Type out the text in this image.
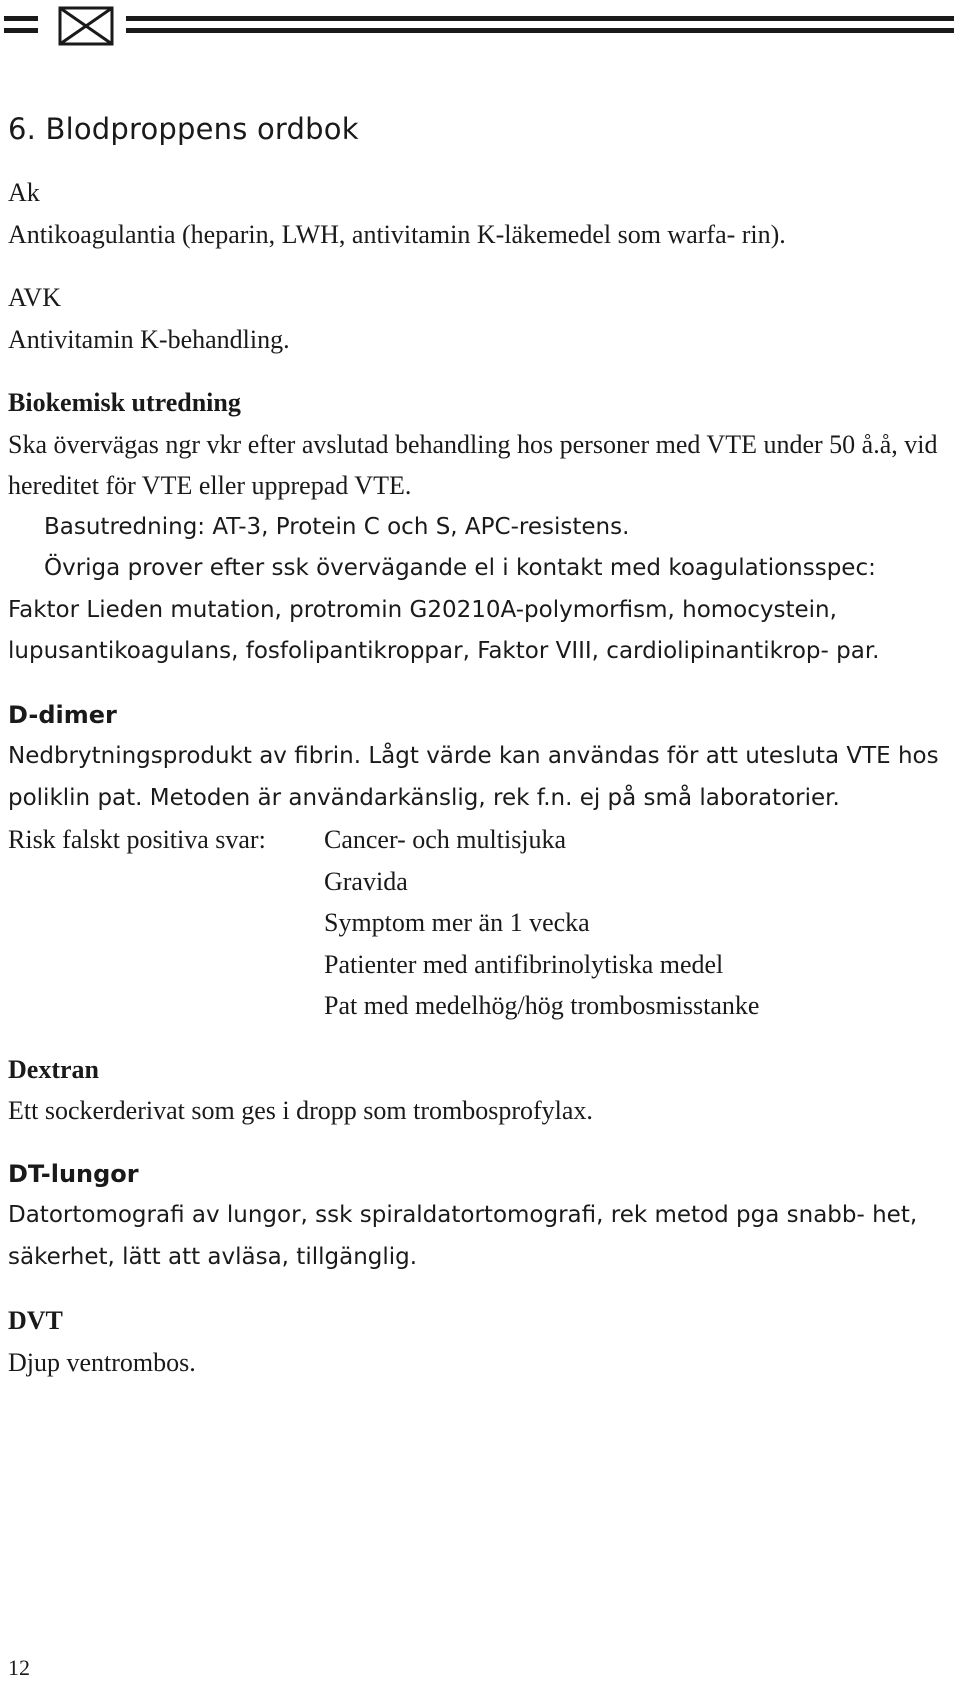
6. Blodproppens ordbok

Ak

Antikoagulantia (heparin, LWH, antivitamin K-läkemedel som warfa- rin).

AVK

Antivitamin K-behandling.

Biokemisk utredning

Ska övervägas ngr vkr efter avslutad behandling hos personer med VTE under 50 å.å, vid hereditet för VTE eller upprepad VTE.

Basutredning: AT-3, Protein C och S, APC-resistens.

Övriga prover efter ssk övervägande el i kontakt med koagulationsspec:

Faktor Lieden mutation, protromin G20210A-polymorfism, homocystein, lupusantikoagulans, fosfolipantikroppar, Faktor VIII, cardiolipinantikrop- par.

D-dimer

Nedbrytningsprodukt av fibrin. Lågt värde kan användas för att utesluta VTE hos poliklin pat. Metoden är användarkänslig, rek f.n. ej på små laboratorier.

Risk falskt positiva svar:	Cancer- och multisjuka
Gravida
Symptom mer än 1 vecka
Patienter med antifibrinolytiska medel
Pat med medelhög/hög trombosmisstanke

Dextran

Ett sockerderivat som ges i dropp som trombosprofylax.

DT-lungor

Datortomografi av lungor, ssk spiraldatortomografi, rek metod pga snabb- het, säkerhet, lätt att avläsa, tillgänglig.

DVT

Djup ventrombos.

12
